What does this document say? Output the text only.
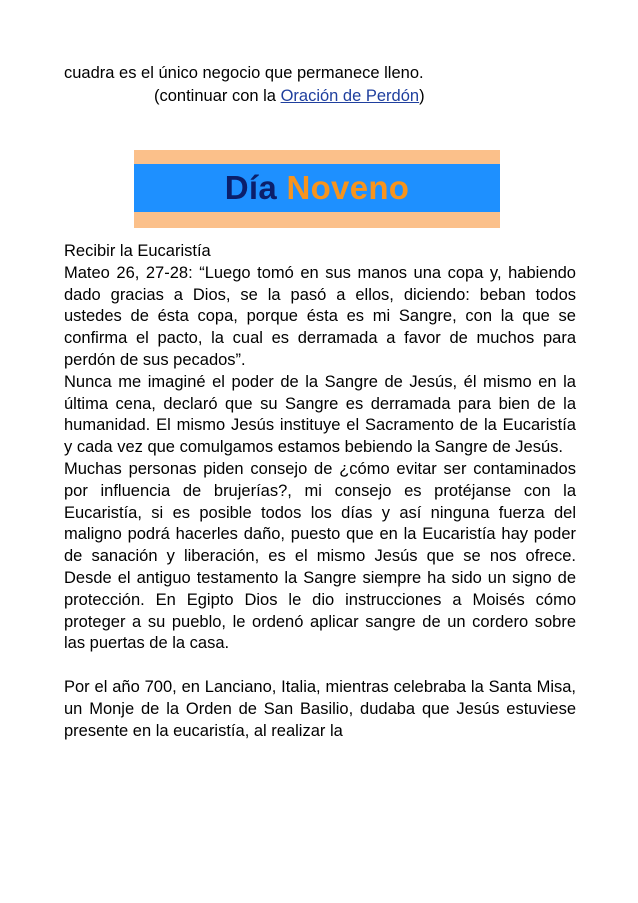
cuadra es el único negocio que permanece lleno.
(continuar con la Oración de Perdón)
Día Noveno

Recibir la Eucaristía

Mateo 26, 27-28: “Luego tomó en sus manos una copa y, habiendo dado gracias a Dios, se la pasó a ellos, diciendo: beban todos ustedes de ésta copa, porque ésta es mi Sangre, con la que se confirma el pacto, la cual es derramada a favor de muchos para perdón de sus pecados”.

Nunca me imaginé el poder de la Sangre de Jesús, él mismo en la última cena, declaró que su Sangre es derramada para bien de la humanidad. El mismo Jesús instituye el Sacramento de la Eucaristía y cada vez que comulgamos estamos bebiendo la Sangre de Jesús.

Muchas personas piden consejo de ¿cómo evitar ser contaminados por influencia de brujerías?, mi consejo es protéjanse con la Eucaristía, si es posible todos los días y así ninguna fuerza del maligno podrá hacerles daño, puesto que en la Eucaristía hay poder de sanación y liberación, es el mismo Jesús que se nos ofrece. Desde el antiguo testamento la Sangre siempre ha sido un signo de protección. En Egipto Dios le dio instrucciones a Moisés cómo proteger a su pueblo, le ordenó aplicar sangre de un cordero sobre las puertas de la casa.

Por el año 700, en Lanciano, Italia, mientras celebraba la Santa Misa, un Monje de la Orden de San Basilio, dudaba que Jesús estuviese presente en la eucaristía, al realizar la
